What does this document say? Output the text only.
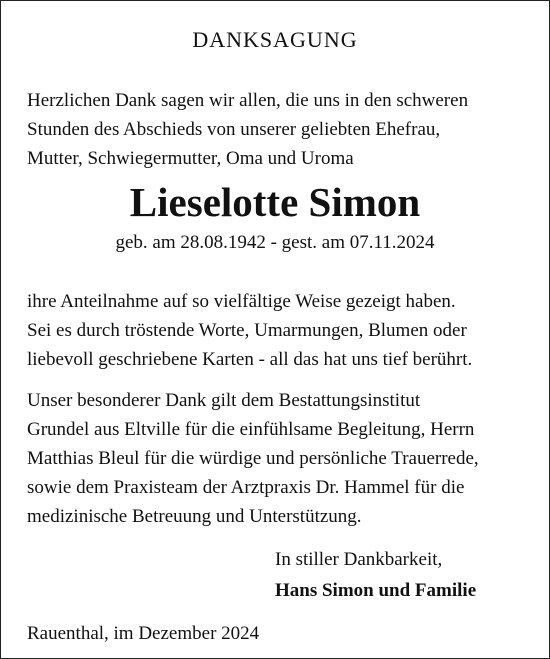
DANKSAGUNG
Herzlichen Dank sagen wir allen, die uns in den schweren
Stunden des Abschieds von unserer geliebten Ehefrau,
Mutter, Schwiegermutter, Oma und Uroma
Lieselotte Simon
geb. am 28.08.1942 - gest. am 07.11.2024
ihre Anteilnahme auf so vielfältige Weise gezeigt haben.
Sei es durch tröstende Worte, Umarmungen, Blumen oder
liebevoll geschriebene Karten - all das hat uns tief berührt.
Unser besonderer Dank gilt dem Bestattungsinstitut
Grundel aus Eltville für die einfühlsame Begleitung, Herrn
Matthias Bleul für die würdige und persönliche Trauerrede,
sowie dem Praxisteam der Arztpraxis Dr. Hammel für die
medizinische Betreuung und Unterstützung.
In stiller Dankbarkeit,
Hans Simon und Familie
Rauenthal, im Dezember 2024
